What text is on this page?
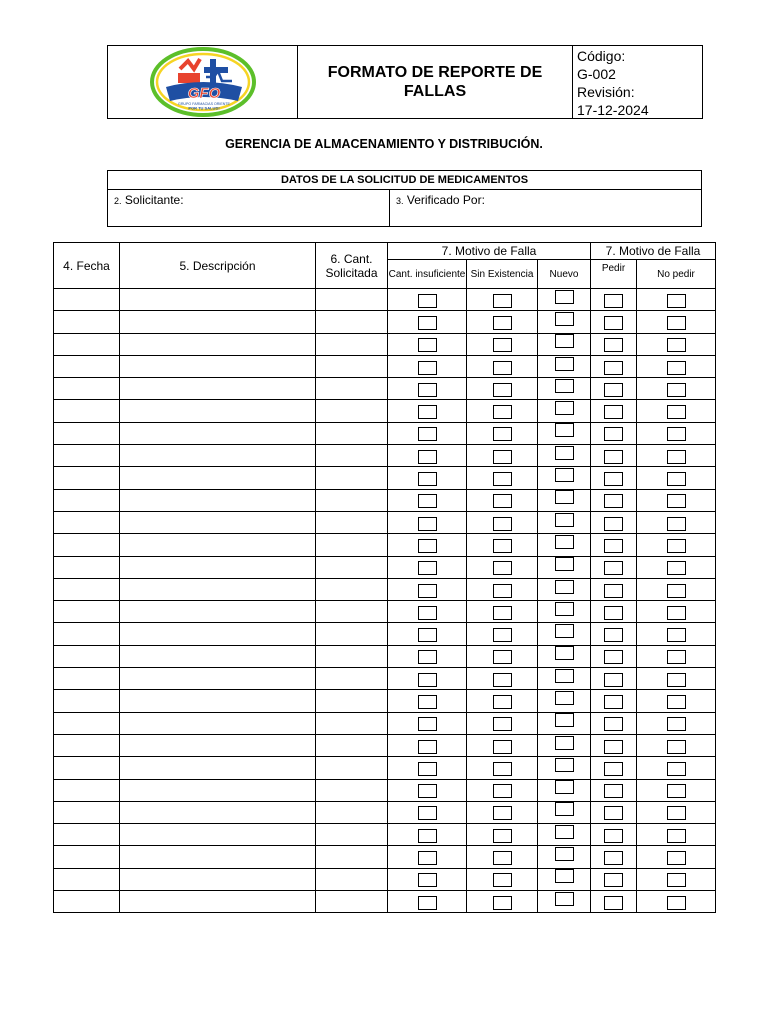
GFO
GRUPO FARMACIAS ORIENTE
POR TU SALUD!
FORMATO DE REPORTE DE FALLAS
Código:
G-002
Revisión:
17-12-2024
GERENCIA DE ALMACENAMIENTO Y DISTRIBUCIÓN.
DATOS DE LA SOLICITUD DE MEDICAMENTOS
2. Solicitante:	3. Verificado Por:
4. Fecha	5. Descripción	6. Cant. Solicitada	7. Motivo de Falla			7. Motivo de Falla	
			Cant. insuficiente	Sin Existencia	Nuevo	Pedir	No pedir
